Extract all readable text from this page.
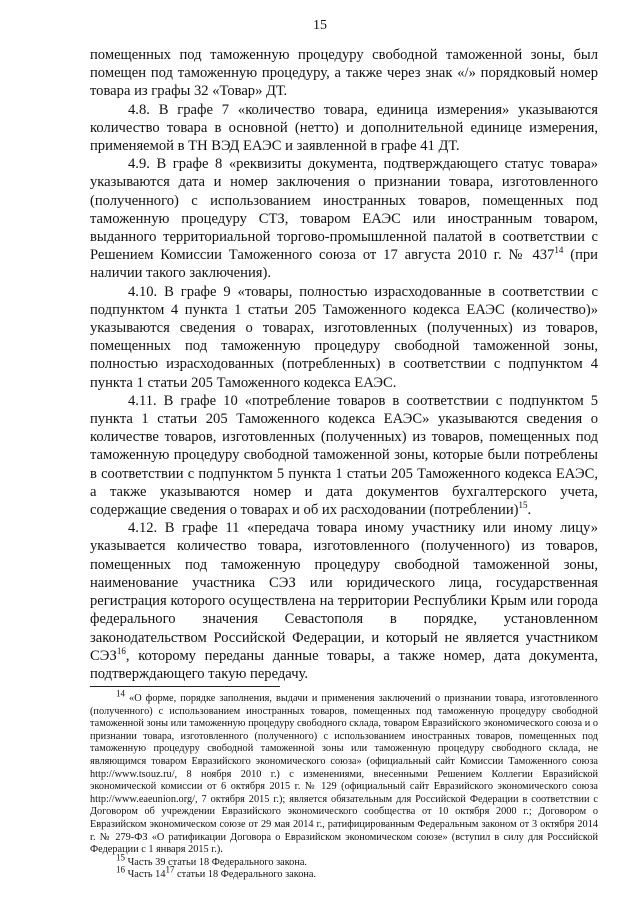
15

помещенных под таможенную процедуру свободной таможенной зоны, был помещен под таможенную процедуру, а также через знак «/» порядковый номер товара из графы 32 «Товар» ДТ.

4.8. В графе 7 «количество товара, единица измерения» указываются количество товара в основной (нетто) и дополнительной единице измерения, применяемой в ТН ВЭД ЕАЭС и заявленной в графе 41 ДТ.

4.9. В графе 8 «реквизиты документа, подтверждающего статус товара» указываются дата и номер заключения о признании товара, изготовленного (полученного) с использованием иностранных товаров, помещенных под таможенную процедуру СТЗ, товаром ЕАЭС или иностранным товаром, выданного территориальной торгово-промышленной палатой в соответствии с Решением Комиссии Таможенного союза от 17 августа 2010 г. № $437^{14}$ (при наличии такого заключения).

4.10. В графе 9 «товары, полностью израсходованные в соответствии с подпунктом 4 пункта 1 статьи 205 Таможенного кодекса ЕАЭС (количество)» указываются сведения о товарах, изготовленных (полученных) из товаров, помещенных под таможенную процедуру свободной таможенной зоны, полностью израсходованных (потребленных) в соответствии с подпунктом 4 пункта 1 статьи 205 Таможенного кодекса ЕАЭС.

4.11. В графе 10 «потребление товаров в соответствии с подпунктом 5 пункта 1 статьи 205 Таможенного кодекса ЕАЭС» указываются сведения о количестве товаров, изготовленных (полученных) из товаров, помещенных под таможенную процедуру свободной таможенной зоны, которые были потреблены в соответствии с подпунктом 5 пункта 1 статьи 205 Таможенного кодекса ЕАЭС, а также указываются номер и дата документов бухгалтерского учета, содержащие сведения о товарах и об их расходовании (потреблении)$^{15}$.

4.12. В графе 11 «передача товара иному участнику или иному лицу» указывается количество товара, изготовленного (полученного) из товаров, помещенных под таможенную процедуру свободной таможенной зоны, наименование участника СЭЗ или юридического лица, государственная регистрация которого осуществлена на территории Республики Крым или города федерального значения Севастополя в порядке, установленном законодательством Российской Федерации, и который не является участником СЭЗ$^{16}$, которому переданы данные товары, а также номер, дата документа, подтверждающего такую передачу.

$^{14}$ «О форме, порядке заполнения, выдачи и применения заключений о признании товара, изготовленного (полученного) с использованием иностранных товаров, помещенных под таможенную процедуру свободной таможенной зоны или таможенную процедуру свободного склада, товаром Евразийского экономического союза и о признании товара, изготовленного (полученного) с использованием иностранных товаров, помещенных под таможенную процедуру свободной таможенной зоны или таможенную процедуру свободного склада, не являющимся товаром Евразийского экономического союза» (официальный сайт Комиссии Таможенного союза http://www.tsouz.ru/, 8 ноября 2010 г.) с изменениями, внесенными Решением Коллегии Евразийской экономической комиссии от 6 октября 2015 г. № 129 (официальный сайт Евразийского экономического союза http://www.eaeunion.org/, 7 октября 2015 г.); является обязательным для Российской Федерации в соответствии с Договором об учреждении Евразийского экономического сообщества от 10 октября 2000 г.; Договором о Евразийском экономическом союзе от 29 мая 2014 г., ратифицированным Федеральным законом от 3 октября 2014 г. № 279-ФЗ «О ратификации Договора о Евразийском экономическом союзе» (вступил в силу для Российской Федерации с 1 января 2015 г.).

$^{15}$ Часть 39 статьи 18 Федерального закона.

$^{16}$ Часть $14^{17}$ статьи 18 Федерального закона.
